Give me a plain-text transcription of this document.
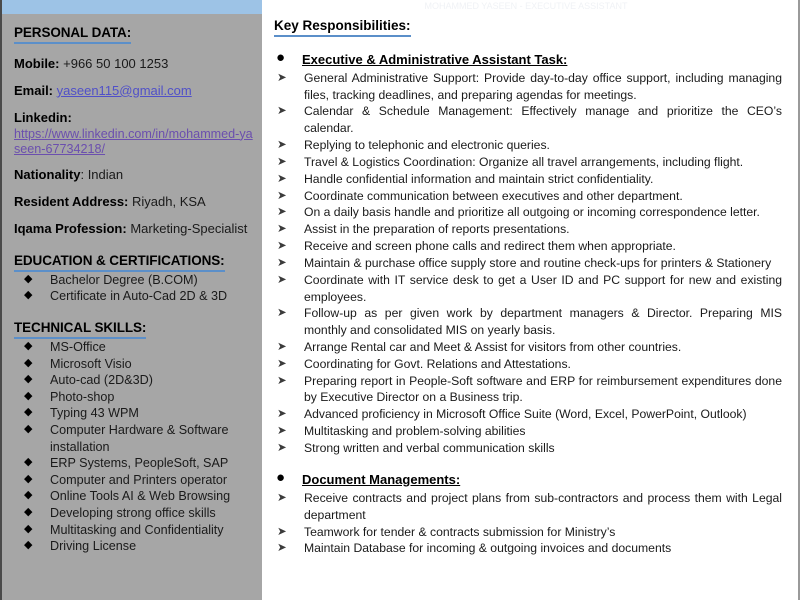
PERSONAL DATA:
Mobile: +966 50 100 1253
Email: yaseen115@gmail.com
Linkedin:
https://www.linkedin.com/in/mohammed-yaseen-67734218/
Nationality: Indian
Resident Address: Riyadh, KSA
Iqama Profession: Marketing-Specialist
EDUCATION & CERTIFICATIONS:
◆ Bachelor Degree (B.COM)
◆ Certificate in Auto-Cad 2D & 3D
TECHNICAL SKILLS:
◆ MS-Office
◆ Microsoft Visio
◆ Auto-cad (2D&3D)
◆ Photo-shop
◆ Typing 43 WPM
◆ Computer Hardware & Software installation
◆ ERP Systems, PeopleSoft, SAP
◆ Computer and Printers operator
◆ Online Tools AI & Web Browsing
◆ Developing strong office skills
◆ Multitasking and Confidentiality
◆ Driving License
MOHAMMED YASEEN - EXECUTIVE ASSISTANT
Key Responsibilities:
● Executive & Administrative Assistant Task:
➤ General Administrative Support: Provide day-to-day office support, including managing files, tracking deadlines, and preparing agendas for meetings.
➤ Calendar & Schedule Management: Effectively manage and prioritize the CEO’s calendar.
➤ Replying to telephonic and electronic queries.
➤ Travel & Logistics Coordination: Organize all travel arrangements, including flight.
➤ Handle confidential information and maintain strict confidentiality.
➤ Coordinate communication between executives and other department.
➤ On a daily basis handle and prioritize all outgoing or incoming correspondence letter.
➤ Assist in the preparation of reports presentations.
➤ Receive and screen phone calls and redirect them when appropriate.
➤ Maintain & purchase office supply store and routine check-ups for printers & Stationery
➤ Coordinate with IT service desk to get a User ID and PC support for new and existing employees.
➤ Follow-up as per given work by department managers & Director. Preparing MIS monthly and consolidated MIS on yearly basis.
➤ Arrange Rental car and Meet & Assist for visitors from other countries.
➤ Coordinating for Govt. Relations and Attestations.
➤ Preparing report in People-Soft software and ERP for reimbursement expenditures done by Executive Director on a Business trip.
➤ Advanced proficiency in Microsoft Office Suite (Word, Excel, PowerPoint, Outlook)
➤ Multitasking and problem-solving abilities
➤ Strong written and verbal communication skills
● Document Managements:
➤ Receive contracts and project plans from sub-contractors and process them with Legal department
➤ Teamwork for tender & contracts submission for Ministry’s
➤ Maintain Database for incoming & outgoing invoices and documents
